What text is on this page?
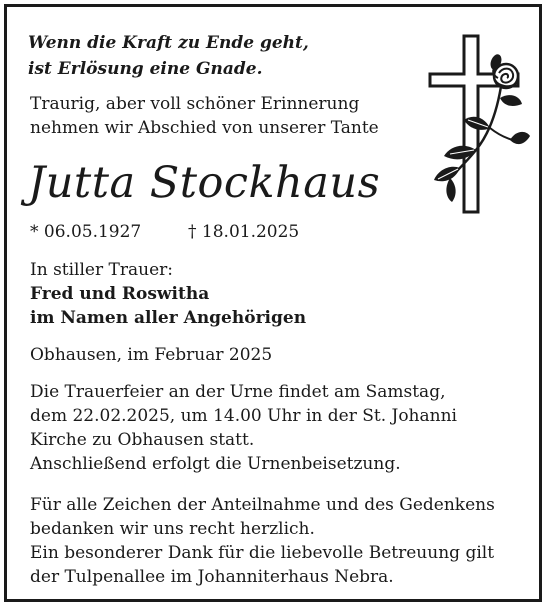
Wenn die Kraft zu Ende geht,
ist Erlösung eine Gnade.
Traurig, aber voll schöner Erinnerung
nehmen wir Abschied von unserer Tante
Jutta Stockhaus
* 06.05.1927	† 18.01.2025
In stiller Trauer:
Fred und Roswitha
im Namen aller Angehörigen
Obhausen, im Februar 2025
Die Trauerfeier an der Urne findet am Samstag,
dem 22.02.2025, um 14.00 Uhr in der St. Johanni
Kirche zu Obhausen statt.
Anschließend erfolgt die Urnenbeisetzung.
Für alle Zeichen der Anteilnahme und des Gedenkens
bedanken wir uns recht herzlich.
Ein besonderer Dank für die liebevolle Betreuung gilt
der Tulpenallee im Johanniterhaus Nebra.
